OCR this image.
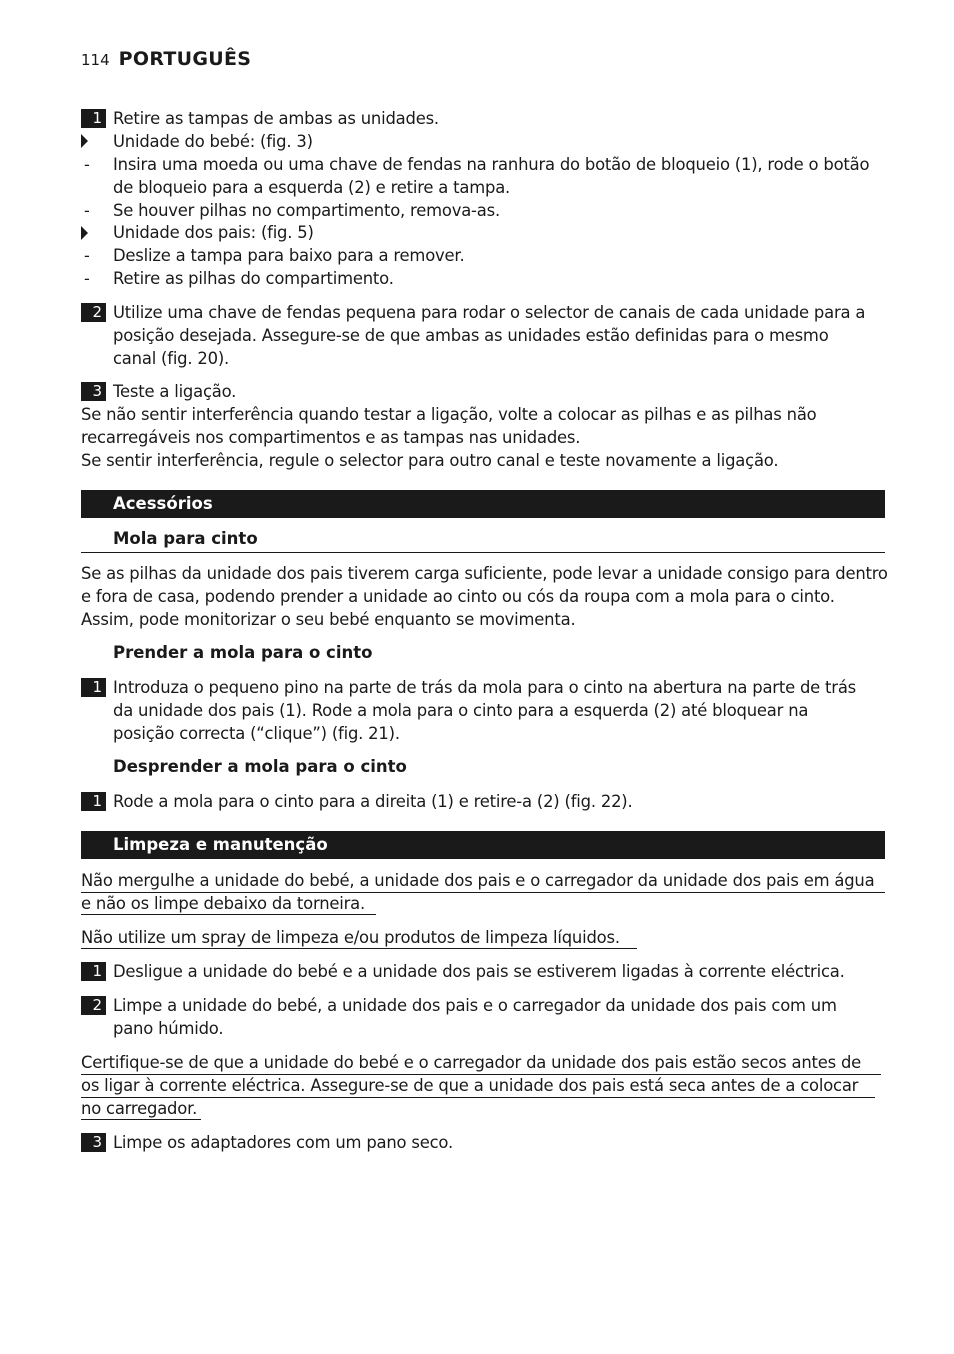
114 PORTUGUÊS
1 Retire as tampas de ambas as unidades.
Unidade do bebé: (fig. 3)
- Insira uma moeda ou uma chave de fendas na ranhura do botão de bloqueio (1), rode o botão
de bloqueio para a esquerda (2) e retire a tampa.
- Se houver pilhas no compartimento, remova-as.
Unidade dos pais: (fig. 5)
- Deslize a tampa para baixo para a remover.
- Retire as pilhas do compartimento.
2 Utilize uma chave de fendas pequena para rodar o selector de canais de cada unidade para a
posição desejada. Assegure-se de que ambas as unidades estão definidas para o mesmo
canal (fig. 20).
3 Teste a ligação.
Se não sentir interferência quando testar a ligação, volte a colocar as pilhas e as pilhas não
recarregáveis nos compartimentos e as tampas nas unidades.
Se sentir interferência, regule o selector para outro canal e teste novamente a ligação.
Acessórios
Mola para cinto
Se as pilhas da unidade dos pais tiverem carga suficiente, pode levar a unidade consigo para dentro
e fora de casa, podendo prender a unidade ao cinto ou cós da roupa com a mola para o cinto.
Assim, pode monitorizar o seu bebé enquanto se movimenta.
Prender a mola para o cinto
1 Introduza o pequeno pino na parte de trás da mola para o cinto na abertura na parte de trás
da unidade dos pais (1). Rode a mola para o cinto para a esquerda (2) até bloquear na
posição correcta (“clique”) (fig. 21).
Desprender a mola para o cinto
1 Rode a mola para o cinto para a direita (1) e retire-a (2) (fig. 22).
Limpeza e manutenção
Não mergulhe a unidade do bebé, a unidade dos pais e o carregador da unidade dos pais em água
e não os limpe debaixo da torneira.
Não utilize um spray de limpeza e/ou produtos de limpeza líquidos.
1 Desligue a unidade do bebé e a unidade dos pais se estiverem ligadas à corrente eléctrica.
2 Limpe a unidade do bebé, a unidade dos pais e o carregador da unidade dos pais com um
pano húmido.
Certifique-se de que a unidade do bebé e o carregador da unidade dos pais estão secos antes de
os ligar à corrente eléctrica. Assegure-se de que a unidade dos pais está seca antes de a colocar
no carregador.
3 Limpe os adaptadores com um pano seco.
